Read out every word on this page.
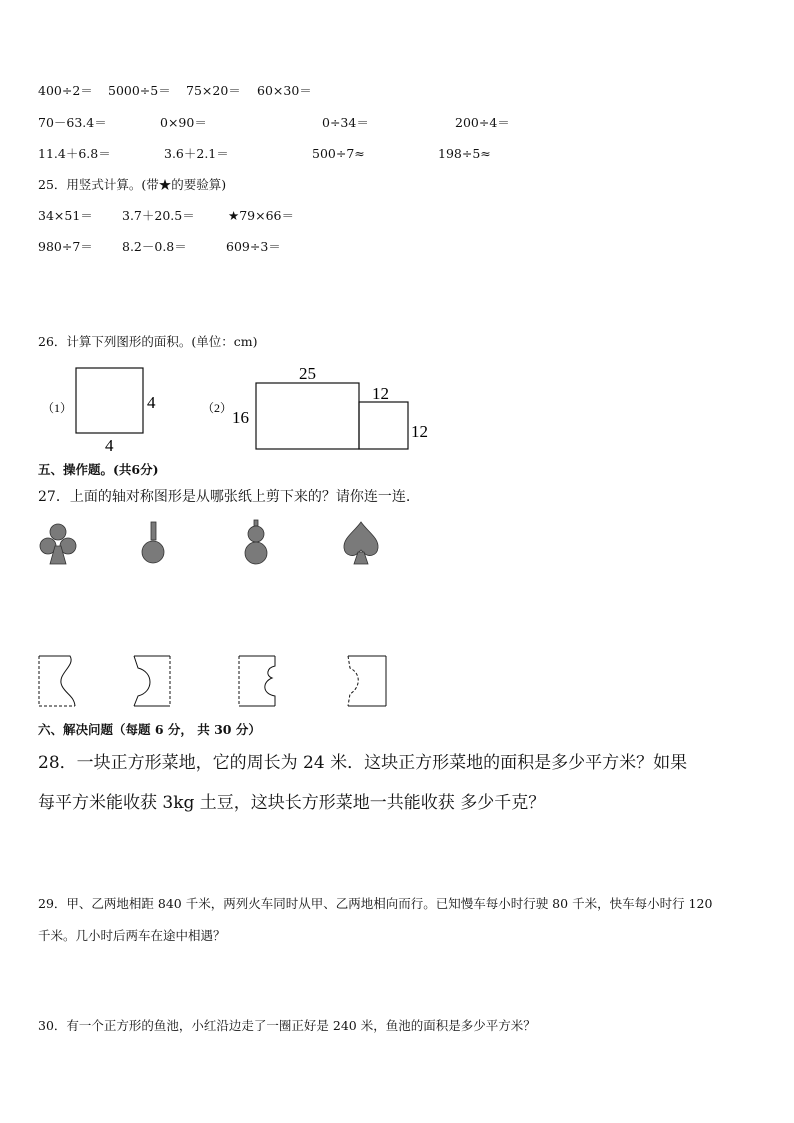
400÷2＝ 5000÷5＝ 75×20＝ 60×30＝
70－63.4＝	0×90＝	0÷34＝	200÷4＝
11.4＋6.8＝	3.6＋2.1＝	500÷7≈	198÷5≈
25．用竖式计算。(带★的要验算)
34×51＝ 3.7＋20.5＝	★79×66＝
980÷7＝ 8.2－0.8＝	609÷3＝
26．计算下列图形的面积。(单位：cm)
（1）	4
4
（2）
25
16
12
12
五、操作题。(共6分)
27．上面的轴对称图形是从哪张纸上剪下来的？请你连一连.
六、解决问题（每题 6 分， 共 30 分）
28．一块正方形菜地，它的周长为 24 米．这块正方形菜地的面积是多少平方米？如果
每平方米能收获 3kg 土豆，这块长方形菜地一共能收获 多少千克？
29．甲、乙两地相距 840 千米，两列火车同时从甲、乙两地相向而行。已知慢车每小时行驶 80 千米，快车每小时行 120
千米。几小时后两车在途中相遇？
30．有一个正方形的鱼池，小红沿边走了一圈正好是 240 米，鱼池的面积是多少平方米？
